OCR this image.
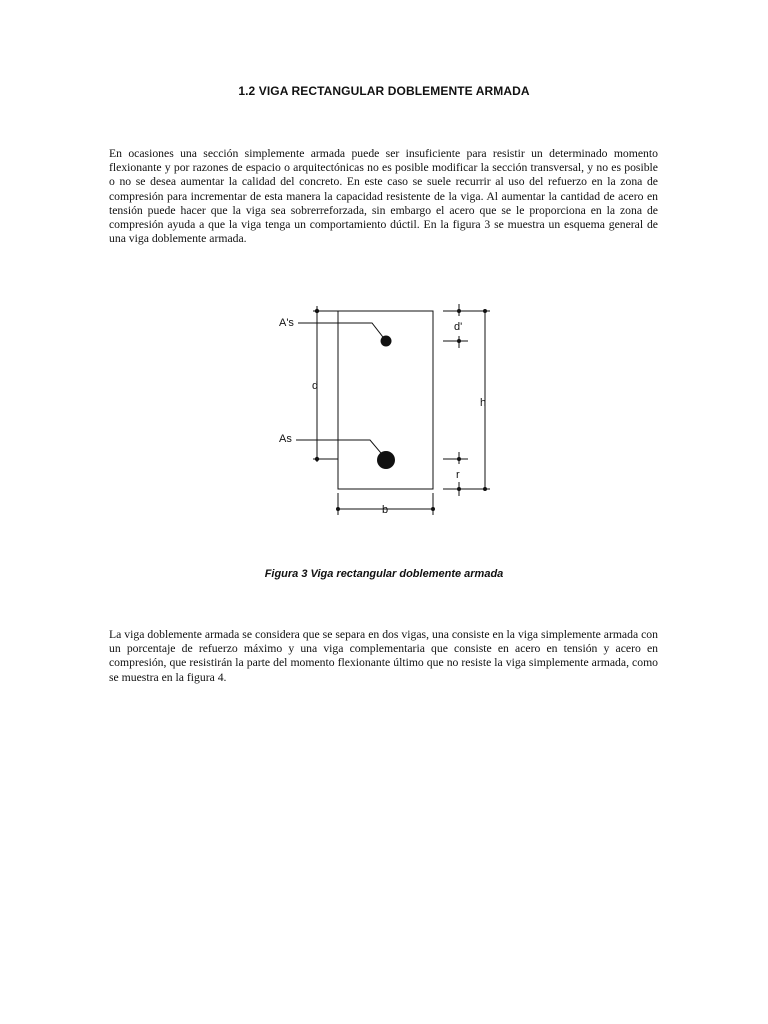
1.2 VIGA RECTANGULAR DOBLEMENTE ARMADA

En ocasiones una sección simplemente armada puede ser insuficiente para resistir un determinado momento flexionante y por razones de espacio o arquitectónicas no es posible modificar la sección transversal, y no es posible o no se desea aumentar la calidad del concreto. En este caso se suele recurrir al uso del refuerzo en la zona de compresión para incrementar de esta manera la capacidad resistente de la viga. Al aumentar la cantidad de acero en tensión puede hacer que la viga sea sobrerreforzada, sin embargo el acero que se le proporciona en la zona de compresión ayuda a que la viga tenga un comportamiento dúctil. En la figura 3 se muestra un esquema general de una viga doblemente armada.

A's
As
d
d'
h
r
b
Figura 3 Viga rectangular doblemente armada

La viga doblemente armada se considera que se separa en dos vigas, una consiste en la viga simplemente armada con un porcentaje de refuerzo máximo y una viga complementaria que consiste en acero en tensión y acero en compresión, que resistirán la parte del momento flexionante último que no resiste la viga simplemente armada, como se muestra en la figura 4.
